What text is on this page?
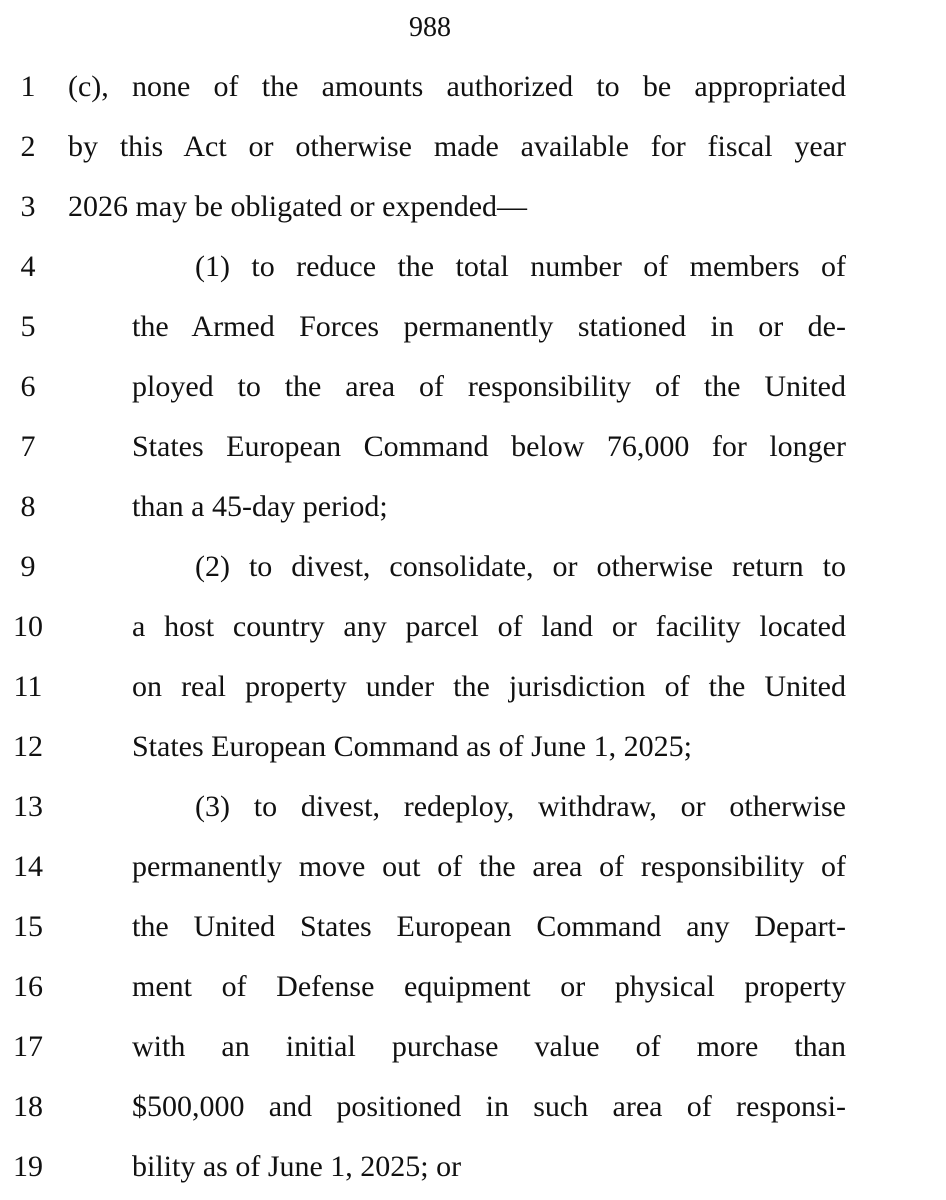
988
1	(c), none of the amounts authorized to be appropriated
2	by this Act or otherwise made available for fiscal year
3	2026 may be obligated or expended—
4	(1) to reduce the total number of members of
5	the Armed Forces permanently stationed in or de-
6	ployed to the area of responsibility of the United
7	States European Command below 76,000 for longer
8	than a 45-day period;
9	(2) to divest, consolidate, or otherwise return to
10	a host country any parcel of land or facility located
11	on real property under the jurisdiction of the United
12	States European Command as of June 1, 2025;
13	(3) to divest, redeploy, withdraw, or otherwise
14	permanently move out of the area of responsibility of
15	the United States European Command any Depart-
16	ment of Defense equipment or physical property
17	with an initial purchase value of more than
18	$500,000 and positioned in such area of responsi-
19	bility as of June 1, 2025; or
